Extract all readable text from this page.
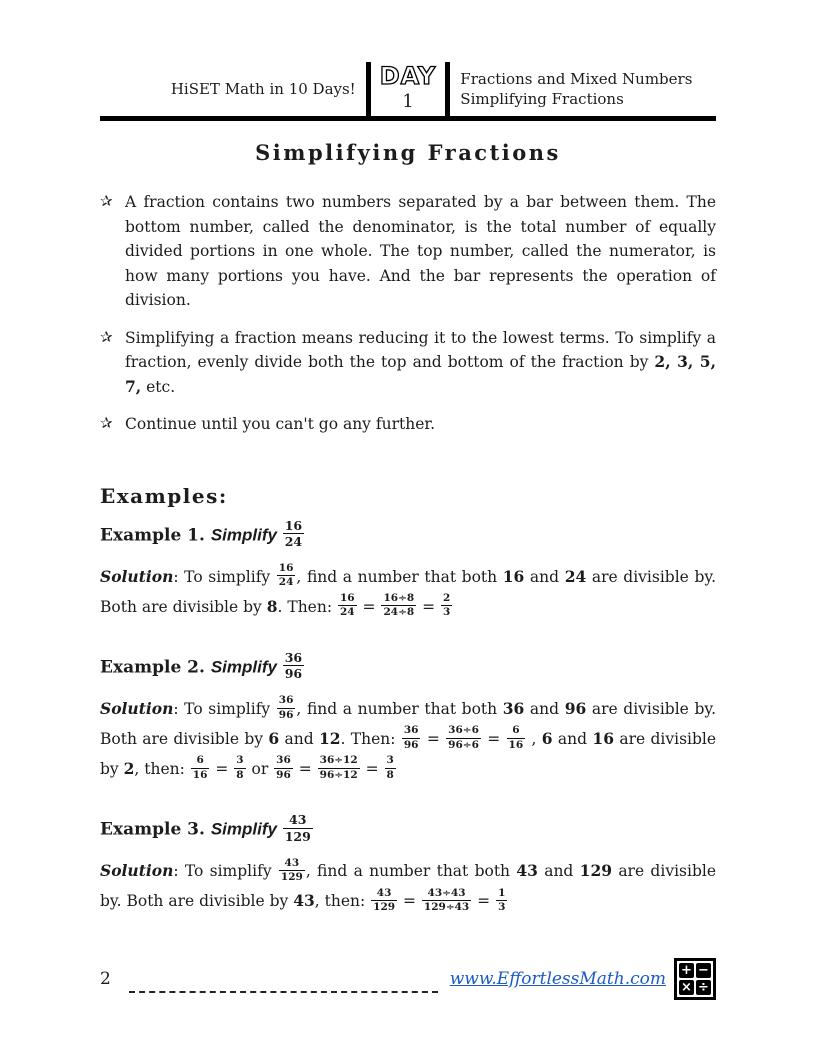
HiSET Math in 10 Days!	DAY
1
Fractions and Mixed Numbers
Simplifying Fractions
Simplifying Fractions
✰ A fraction contains two numbers separated by a bar between them. The bottom number, called the denominator, is the total number of equally divided portions in one whole. The top number, called the numerator, is how many portions you have. And the bar represents the operation of division.

✰ Simplifying a fraction means reducing it to the lowest terms. To simplify a fraction, evenly divide both the top and bottom of the fraction by 2, 3, 5, 7, etc.

✰ Continue until you can't go any further.

Examples:
Example 1. Simplify $\frac{16}{24}$

Solution: To simplify $\frac{16}{24}$ , find a number that both 16 and 24 are divisible by. Both are divisible by 8. Then: $\frac{16}{24} = \frac{16\div 8}{24\div 8} = \frac{2}{3}$

Example 2. Simplify $\frac{36}{96}$

Solution: To simplify $\frac{36}{96}$ , find a number that both 36 and 96 are divisible by. Both are divisible by 6 and 12. Then: $\frac{36}{96} = \frac{36\div 6}{96\div 6} = \frac{6}{16}$ , 6 and 16 are divisible by 2, then: $\frac{6}{16} = \frac{3}{8}$ or $\frac{36}{96} = \frac{36\div 12}{96\div 12} = \frac{3}{8}$

Example 3. Simplify $\frac{43}{129}$

Solution: To simplify $\frac{43}{129}$ , find a number that both 43 and 129 are divisible by. Both are divisible by 43, then: $\frac{43}{129} = \frac{43\div 43}{129\div 43} = \frac{1}{3}$

2	www.EffortlessMath.com + −
× ÷
